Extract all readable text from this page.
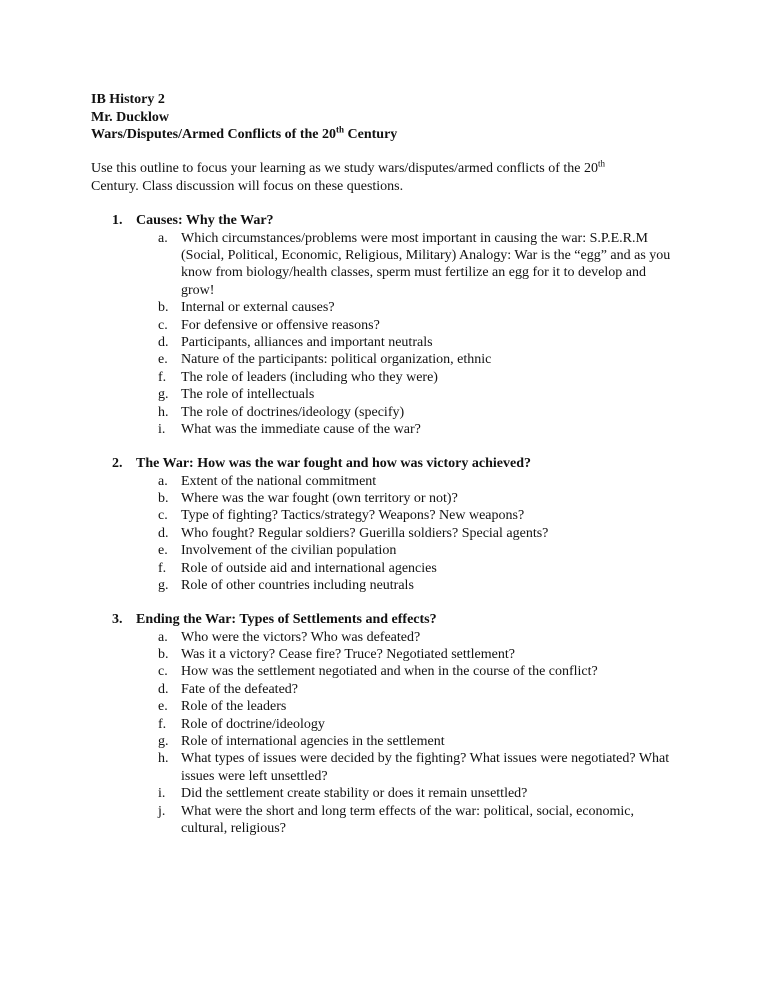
IB History 2
Mr. Ducklow
Wars/Disputes/Armed Conflicts of the 20th Century
Use this outline to focus your learning as we study wars/disputes/armed conflicts of the 20th Century. Class discussion will focus on these questions.
1. Causes: Why the War?
a. Which circumstances/problems were most important in causing the war: S.P.E.R.M (Social, Political, Economic, Religious, Military) Analogy: War is the “egg” and as you know from biology/health classes, sperm must fertilize an egg for it to develop and grow!
b. Internal or external causes?
c. For defensive or offensive reasons?
d. Participants, alliances and important neutrals
e. Nature of the participants: political organization, ethnic
f. The role of leaders (including who they were)
g. The role of intellectuals
h. The role of doctrines/ideology (specify)
i. What was the immediate cause of the war?
2. The War: How was the war fought and how was victory achieved?
a. Extent of the national commitment
b. Where was the war fought (own territory or not)?
c. Type of fighting? Tactics/strategy? Weapons? New weapons?
d. Who fought? Regular soldiers? Guerilla soldiers? Special agents?
e. Involvement of the civilian population
f. Role of outside aid and international agencies
g. Role of other countries including neutrals
3. Ending the War: Types of Settlements and effects?
a. Who were the victors? Who was defeated?
b. Was it a victory? Cease fire? Truce? Negotiated settlement?
c. How was the settlement negotiated and when in the course of the conflict?
d. Fate of the defeated?
e. Role of the leaders
f. Role of doctrine/ideology
g. Role of international agencies in the settlement
h. What types of issues were decided by the fighting? What issues were negotiated? What issues were left unsettled?
i. Did the settlement create stability or does it remain unsettled?
j. What were the short and long term effects of the war: political, social, economic, cultural, religious?
